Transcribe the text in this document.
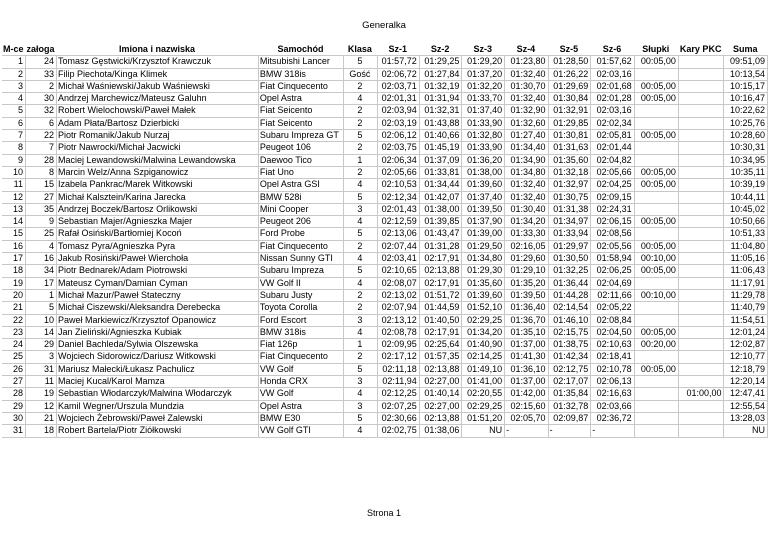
Generalka
M-ce	załoga	Imiona i nazwiska	Samochód	Klasa	Sz-1	Sz-2	Sz-3	Sz-4	Sz-5	Sz-6	Słupki	Kary PKC	Suma
1	24	Tomasz Gęstwicki/Krzysztof Krawczuk	Mitsubishi Lancer	5	01:57,72	01:29,25	01:29,20	01:23,80	01:28,50	01:57,62	00:05,00		09:51,09
2	33	Filip Piechota/Kinga Klimek	BMW 318is	Gość	02:06,72	01:27,84	01:37,20	01:32,40	01:26,22	02:03,16			10:13,54
3	2	Michał Waśniewski/Jakub Waśniewski	Fiat Cinquecento	2	02:03,71	01:32,19	01:32,20	01:30,70	01:29,69	02:01,68	00:05,00		10:15,17
4	30	Andrzej Marchewicz/Mateusz Galuhn	Opel Astra	4	02:01,31	01:31,94	01:33,70	01:32,40	01:30,84	02:01,28	00:05,00		10:16,47
5	32	Robert Wielochowski/Paweł Małek	Fiat Seicento	2	02:03,94	01:32,31	01:37,40	01:32,90	01:32,91	02:03,16			10:22,62
6	6	Adam Płata/Bartosz Dzierbicki	Fiat Seicento	2	02:03,19	01:43,88	01:33,90	01:32,60	01:29,85	02:02,34			10:25,76
7	22	Piotr Romanik/Jakub Nurzaj	Subaru Impreza GT	5	02:06,12	01:40,66	01:32,80	01:27,40	01:30,81	02:05,81	00:05,00		10:28,60
8	7	Piotr Nawrocki/Michał Jacwicki	Peugeot 106	2	02:03,75	01:45,19	01:33,90	01:34,40	01:31,63	02:01,44			10:30,31
9	28	Maciej Lewandowski/Malwina Lewandowska	Daewoo Tico	1	02:06,34	01:37,09	01:36,20	01:34,90	01:35,60	02:04,82			10:34,95
10	8	Marcin Welz/Anna Szpiganowicz	Fiat Uno	2	02:05,66	01:33,81	01:38,00	01:34,80	01:32,18	02:05,66	00:05,00		10:35,11
11	15	Izabela Pankrac/Marek Witkowski	Opel Astra GSI	4	02:10,53	01:34,44	01:39,60	01:32,40	01:32,97	02:04,25	00:05,00		10:39,19
12	27	Michał Kalsztein/Karina Jarecka	BMW 528i	5	02:12,34	01:42,07	01:37,40	01:32,40	01:30,75	02:09,15			10:44,11
13	35	Andrzej Boczek/Bartosz Orlikowski	Mini Cooper	3	02:01,43	01:38,00	01:39,50	01:30,40	01:31,38	02:24,31			10:45,02
14	9	Sebastian Majer/Agnieszka Majer	Peugeot 206	4	02:12,59	01:39,85	01:37,90	01:34,20	01:34,97	02:06,15	00:05,00		10:50,66
15	25	Rafał Osiński/Bartłomiej Kocoń	Ford Probe	5	02:13,06	01:43,47	01:39,00	01:33,30	01:33,94	02:08,56			10:51,33
16	4	Tomasz Pyra/Agnieszka Pyra	Fiat Cinquecento	2	02:07,44	01:31,28	01:29,50	02:16,05	01:29,97	02:05,56	00:05,00		11:04,80
17	16	Jakub Rosiński/Paweł Wierchoła	Nissan Sunny GTI	4	02:03,41	02:17,91	01:34,80	01:29,60	01:30,50	01:58,94	00:10,00		11:05,16
18	34	Piotr Bednarek/Adam Piotrowski	Subaru Impreza	5	02:10,65	02:13,88	01:29,30	01:29,10	01:32,25	02:06,25	00:05,00		11:06,43
19	17	Mateusz Cyman/Damian Cyman	VW Golf II	4	02:08,07	02:17,91	01:35,60	01:35,20	01:36,44	02:04,69			11:17,91
20	1	Michał Mazur/Paweł Stateczny	Subaru Justy	2	02:13,02	01:51,72	01:39,60	01:39,50	01:44,28	02:11,66	00:10,00		11:29,78
21	5	Michał Ciszewski/Aleksandra Derebecka	Toyota Corolla	2	02:07,94	01:44,59	01:52,10	01:36,40	02:14,54	02:05,22			11:40,79
22	10	Paweł Markiewicz/Krzysztof Opanowicz	Ford Escort	3	02:13,12	01:40,50	02:29,25	01:36,70	01:46,10	02:08,84			11:54,51
23	14	Jan Zieliński/Agnieszka Kubiak	BMW 318is	4	02:08,78	02:17,91	01:34,20	01:35,10	02:15,75	02:04,50	00:05,00		12:01,24
24	29	Daniel Bachleda/Sylwia Olszewska	Fiat 126p	1	02:09,95	02:25,64	01:40,90	01:37,00	01:38,75	02:10,63	00:20,00		12:02,87
25	3	Wojciech Sidorowicz/Dariusz Witkowski	Fiat Cinquecento	2	02:17,12	01:57,35	02:14,25	01:41,30	01:42,34	02:18,41			12:10,77
26	31	Mariusz Małecki/Łukasz Pachulicz	VW Golf	5	02:11,18	02:13,88	01:49,10	01:36,10	02:12,75	02:10,78	00:05,00		12:18,79
27	11	Maciej Kucal/Karol Mamza	Honda CRX	3	02:11,94	02:27,00	01:41,00	01:37,00	02:17,07	02:06,13			12:20,14
28	19	Sebastian Włodarczyk/Malwina Włodarczyk	VW Golf	4	02:12,25	01:40,14	02:20,55	01:42,00	01:35,84	02:16,63		01:00,00	12:47,41
29	12	Kamil Wegner/Urszula Mundzia	Opel Astra	3	02:07,25	02:27,00	02:29,25	02:15,60	01:32,78	02:03,66			12:55,54
30	21	Wojciech Żebrowski/Paweł Zalewski	BMW E30	5	02:30,66	02:13,88	01:51,20	02:05,70	02:09,87	02:36,72			13:28,03
31	18	Robert Bartela/Piotr Ziółkowski	VW Golf GTI	4	02:02,75	01:38,06	NU	-	-	-			NU
Strona 1
